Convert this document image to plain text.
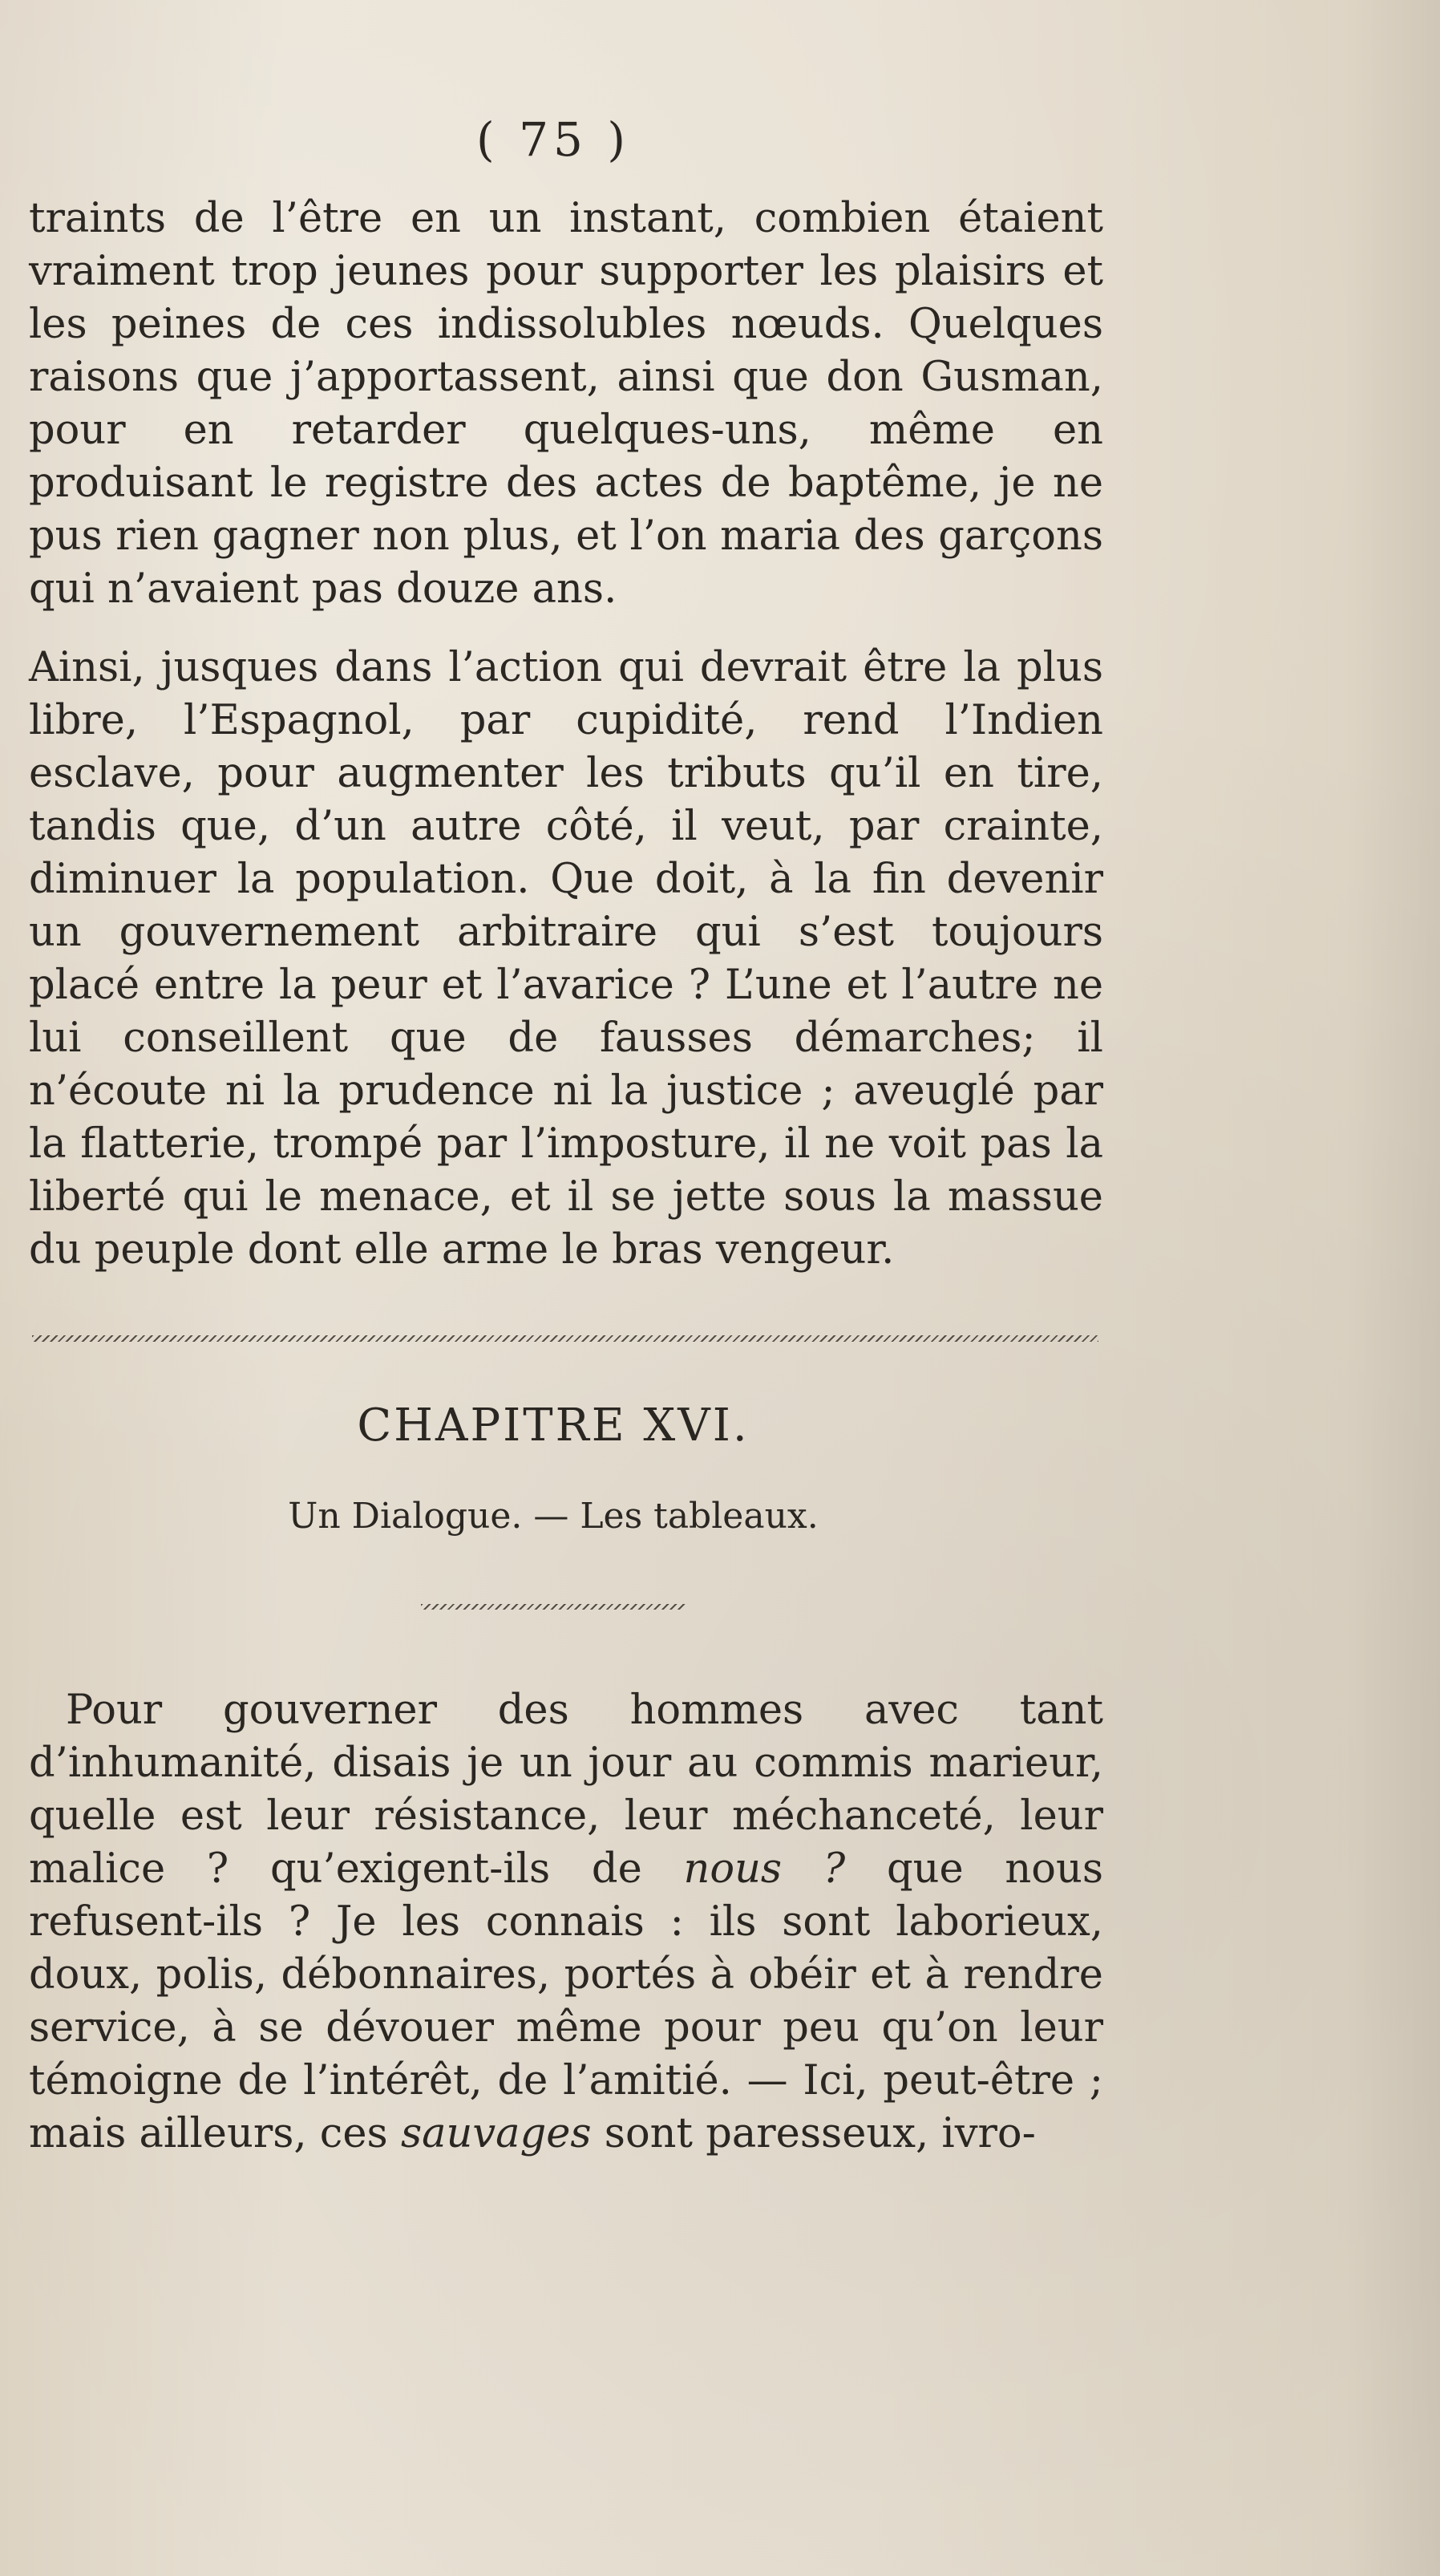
( 75 )

traints de l’être en un instant, combien étaient vraiment trop jeunes pour supporter les plaisirs et les peines de ces indissolubles nœuds. Quelques raisons que j’apportassent, ainsi que don Gusman, pour en retarder quelques-uns, même en produisant le registre des actes de baptême, je ne pus rien gagner non plus, et l’on maria des garçons qui n’avaient pas douze ans.

Ainsi, jusques dans l’action qui devrait être la plus libre, l’Espagnol, par cupidité, rend l’Indien esclave, pour augmenter les tributs qu’il en tire, tandis que, d’un autre côté, il veut, par crainte, diminuer la population. Que doit, à la fin devenir un gouvernement arbitraire qui s’est toujours placé entre la peur et l’avarice ? L’une et l’autre ne lui conseillent que de fausses démarches; il n’écoute ni la prudence ni la justice ; aveuglé par la flatterie, trompé par l’imposture, il ne voit pas la liberté qui le menace, et il se jette sous la massue du peuple dont elle arme le bras vengeur.

CHAPITRE XVI.
Un Dialogue. — Les tableaux.

Pour gouverner des hommes avec tant d’inhumanité, disais je un jour au commis marieur, quelle est leur résistance, leur méchanceté, leur malice ? qu’exigent-ils de nous ? que nous refusent-ils ? Je les connais : ils sont laborieux, doux, polis, débonnaires, portés à obéir et à rendre service, à se dévouer même pour peu qu’on leur témoigne de l’intérêt, de l’amitié. — Ici, peut-être ; mais ailleurs, ces sauvages sont paresseux, ivro-
